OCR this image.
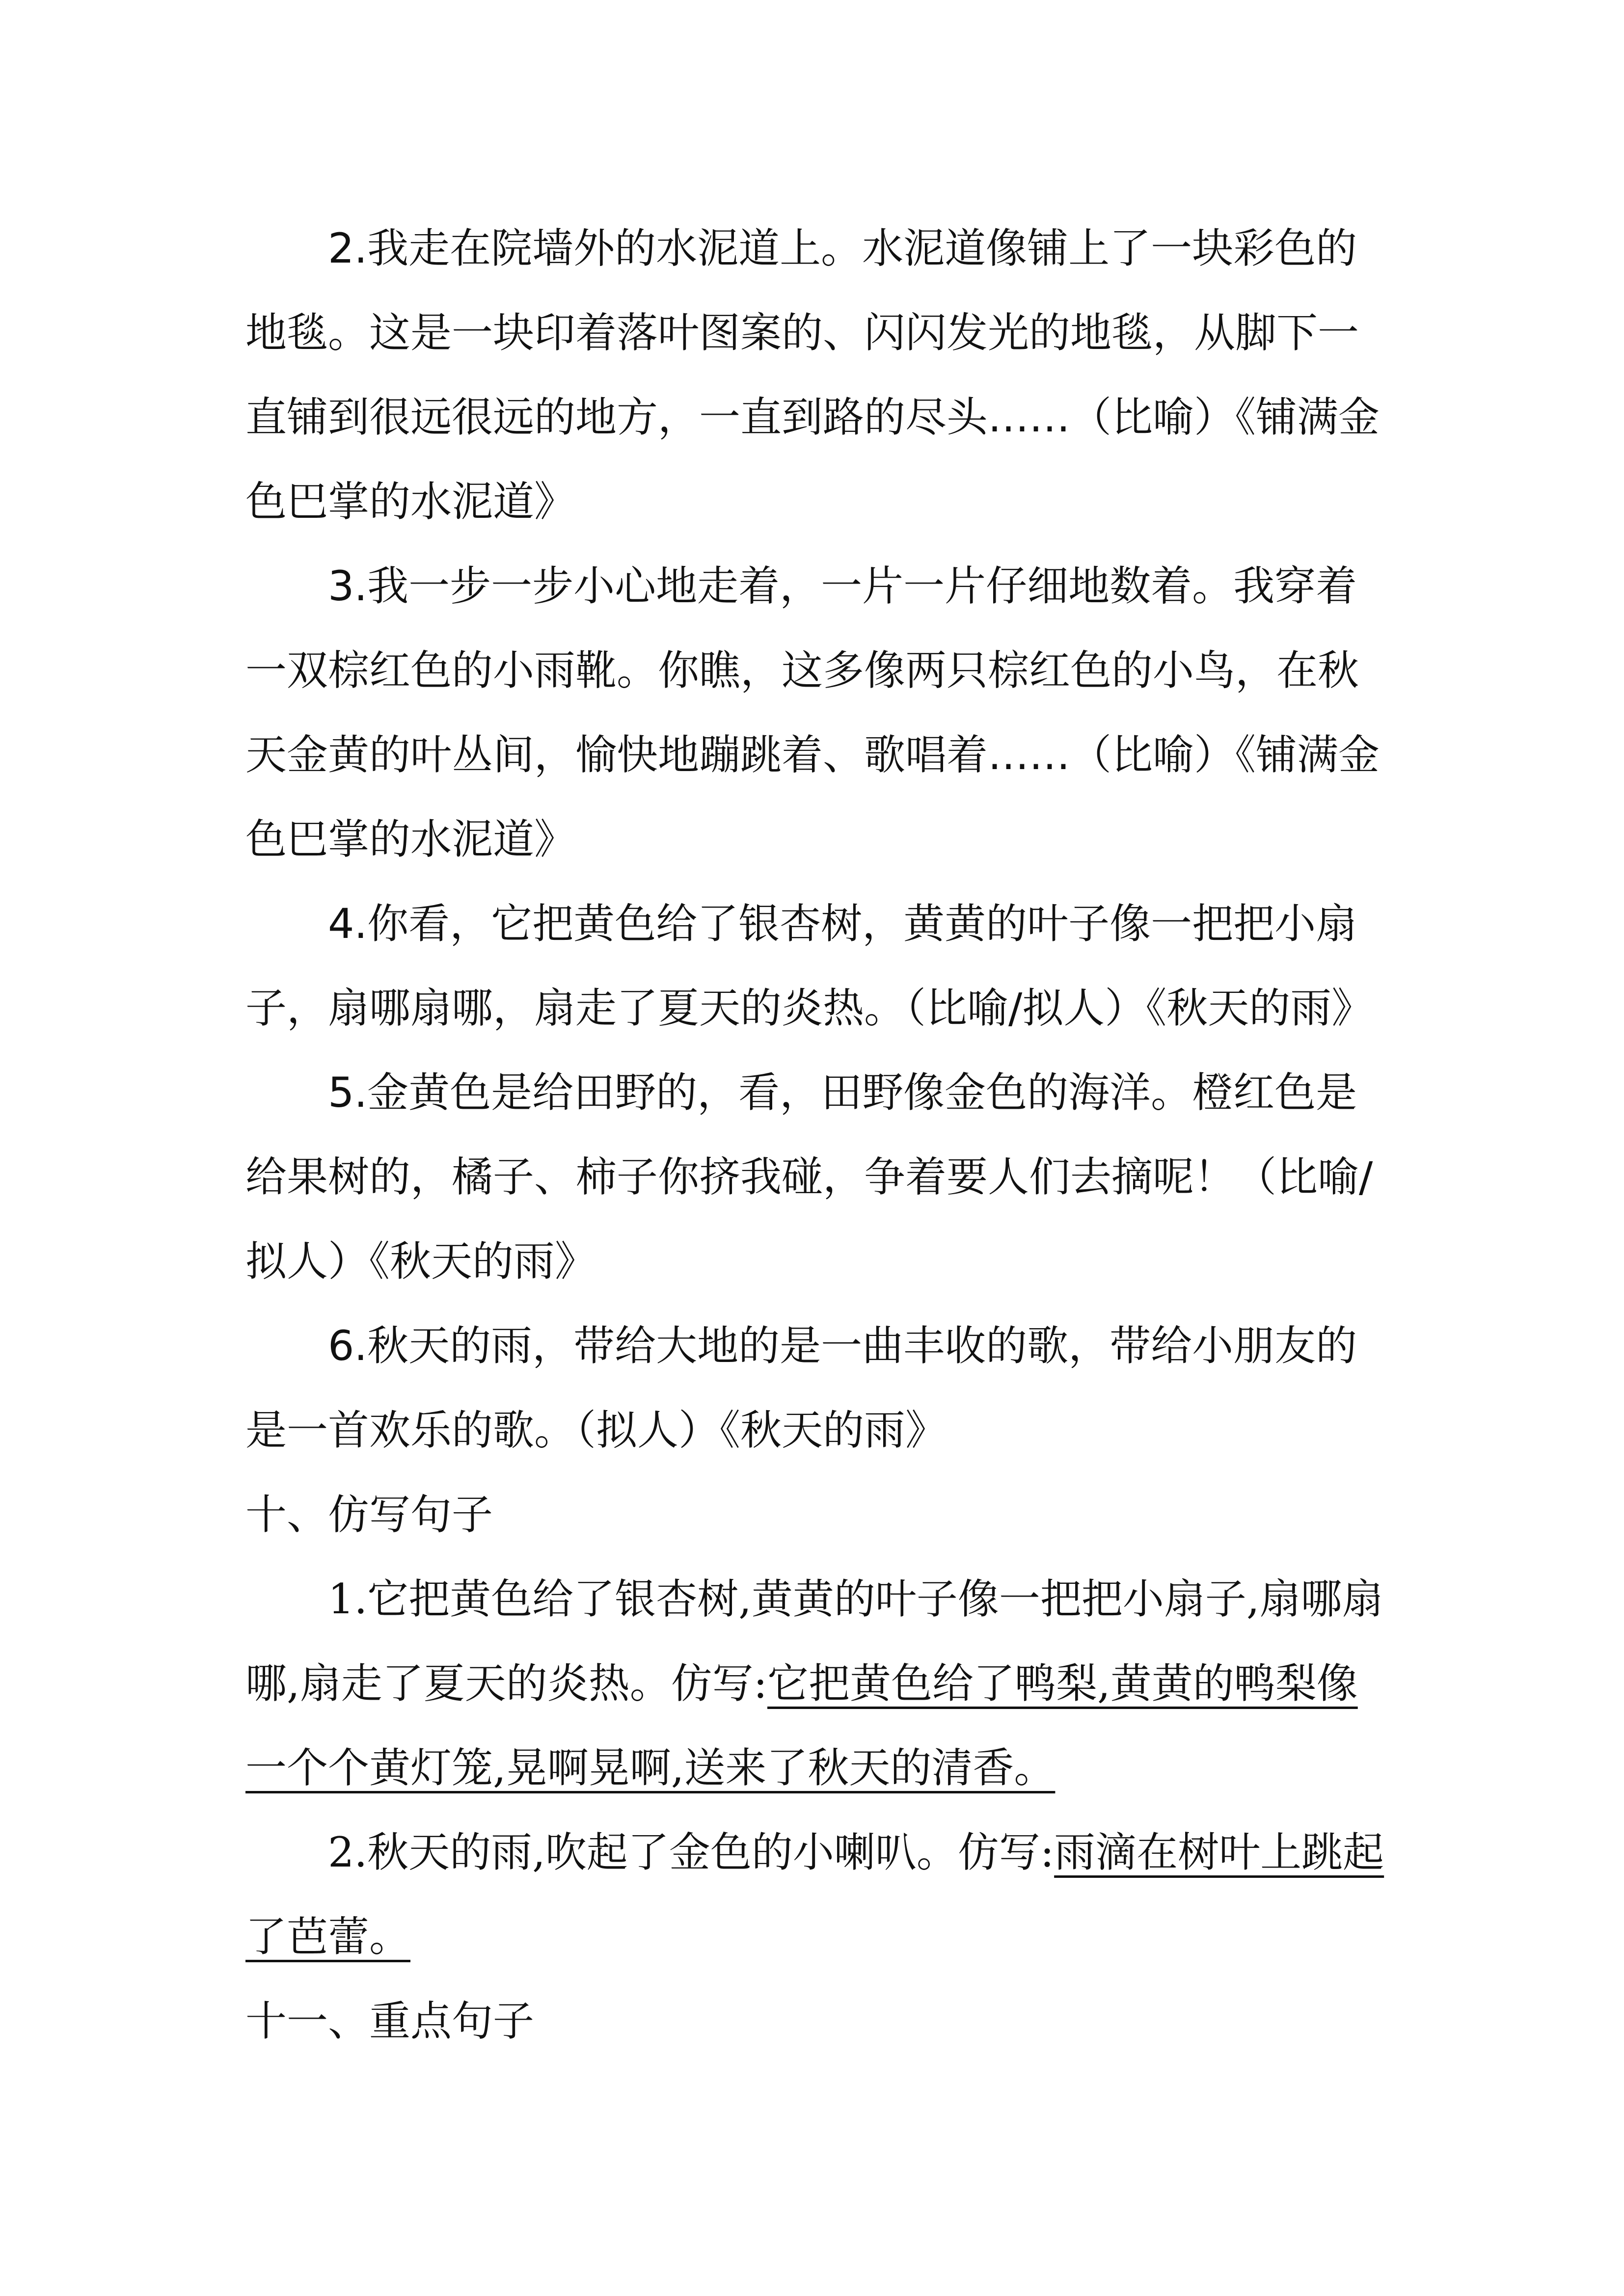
2.我走在院墙外的水泥道上。水泥道像铺上了一块彩色的地毯。这是一块印着落叶图案的、闪闪发光的地毯，从脚下一直铺到很远很远的地方，一直到路的尽头……（比喻）《铺满金色巴掌的水泥道》

3.我一步一步小心地走着，一片一片仔细地数着。我穿着一双棕红色的小雨靴。你瞧，这多像两只棕红色的小鸟，在秋天金黄的叶丛间，愉快地蹦跳着、歌唱着……（比喻）《铺满金色巴掌的水泥道》

4.你看，它把黄色给了银杏树，黄黄的叶子像一把把小扇子，扇哪扇哪，扇走了夏天的炎热。（比喻/拟人）《秋天的雨》

5.金黄色是给田野的，看，田野像金色的海洋。橙红色是给果树的，橘子、柿子你挤我碰，争着要人们去摘呢！（比喻/拟人）《秋天的雨》

6.秋天的雨，带给大地的是一曲丰收的歌，带给小朋友的是一首欢乐的歌。（拟人）《秋天的雨》

十、仿写句子

1.它把黄色给了银杏树,黄黄的叶子像一把把小扇子,扇哪扇哪,扇走了夏天的炎热。仿写:它把黄色给了鸭梨,黄黄的鸭梨像一个个黄灯笼,晃啊晃啊,送来了秋天的清香。

2.秋天的雨,吹起了金色的小喇叭。仿写:雨滴在树叶上跳起了芭蕾。

十一、重点句子
